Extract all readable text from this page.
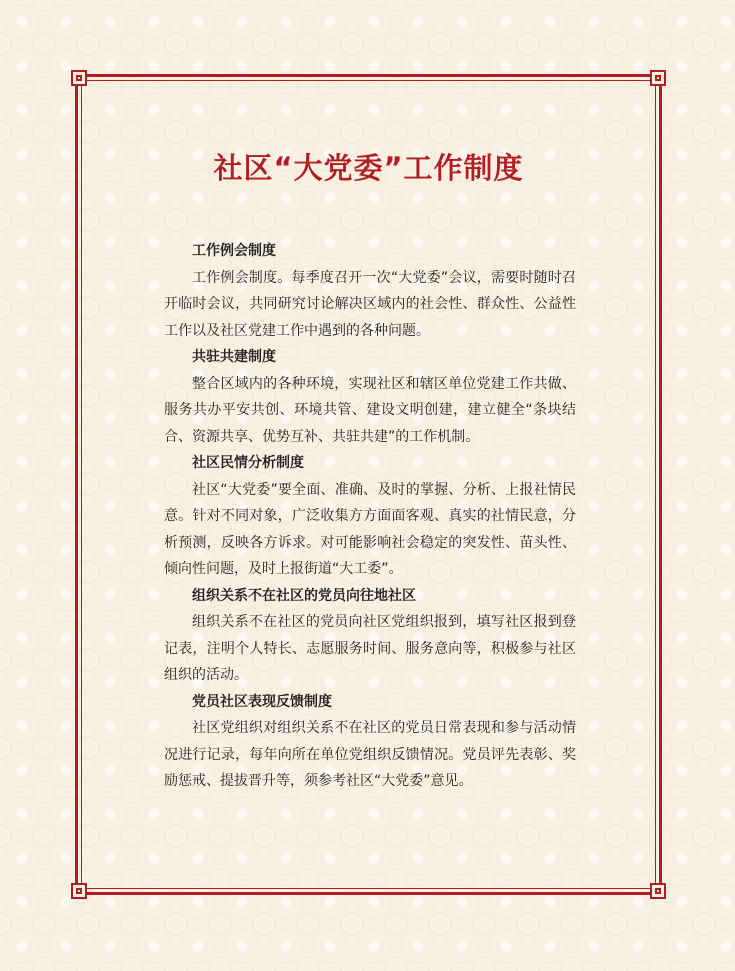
社区“大党委”工作制度

工作例会制度

工作例会制度。每季度召开一次“大党委”会议，需要时随时召开临时会议，共同研究讨论解决区域内的社会性、群众性、公益性工作以及社区党建工作中遇到的各种问题。

共驻共建制度

整合区域内的各种环境，实现社区和辖区单位党建工作共做、服务共办平安共创、环境共管、建设文明创建，建立健全“条块结合、资源共享、优势互补、共驻共建”的工作机制。

社区民情分析制度

社区“大党委”要全面、准确、及时的掌握、分析、上报社情民意。针对不同对象，广泛收集方方面面客观、真实的社情民意，分析预测，反映各方诉求。对可能影响社会稳定的突发性、苗头性、倾向性问题，及时上报街道“大工委”。

组织关系不在社区的党员向往地社区

组织关系不在社区的党员向社区党组织报到，填写社区报到登记表，注明个人特长、志愿服务时间、服务意向等，积极参与社区组织的活动。

党员社区表现反馈制度

社区党组织对组织关系不在社区的党员日常表现和参与活动情况进行记录，每年向所在单位党组织反馈情况。党员评先表彰、奖励惩戒、提拔晋升等，须参考社区“大党委”意见。
